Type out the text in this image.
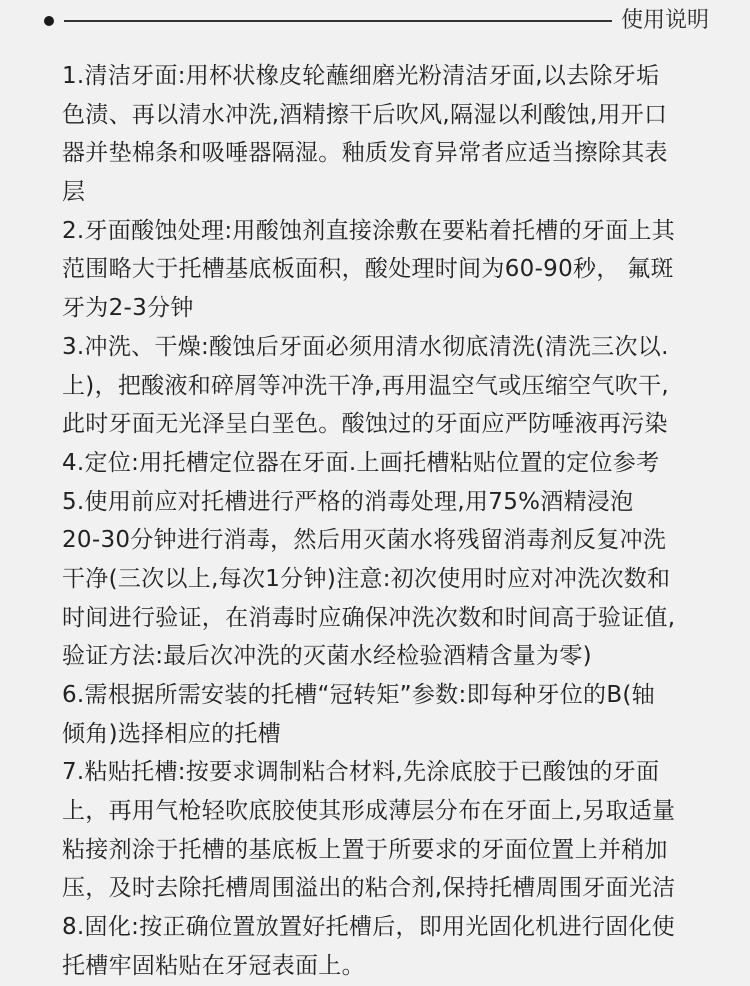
使用说明
1.清洁牙面:用杯状橡皮轮蘸细磨光粉清洁牙面,以去除牙垢
色渍、再以清水冲洗,酒精擦干后吹风,隔湿以利酸蚀,用开口
器并垫棉条和吸唾器隔湿。釉质发育异常者应适当擦除其表
层
2.牙面酸蚀处理:用酸蚀剂直接涂敷在要粘着托槽的牙面上其
范围略大于托槽基底板面积，酸处理时间为60-90秒， 氟斑
牙为2-3分钟
3.冲洗、干燥:酸蚀后牙面必须用清水彻底清洗(清洗三次以.
上)，把酸液和碎屑等冲洗干净,再用温空气或压缩空气吹干,
此时牙面无光泽呈白垩色。酸蚀过的牙面应严防唾液再污染
4.定位:用托槽定位器在牙面.上画托槽粘贴位置的定位参考
5.使用前应对托槽进行严格的消毒处理,用75%酒精浸泡
20-30分钟进行消毒，然后用灭菌水将残留消毒剂反复冲洗
干净(三次以上,每次1分钟)注意:初次使用时应对冲洗次数和
时间进行验证，在消毒时应确保冲洗次数和时间高于验证值,
验证方法:最后次冲洗的灭菌水经检验酒精含量为零)
6.需根据所需安装的托槽“冠转矩”参数:即每种牙位的B(轴
倾角)选择相应的托槽
7.粘贴托槽:按要求调制粘合材料,先涂底胶于已酸蚀的牙面
上，再用气枪轻吹底胶使其形成薄层分布在牙面上,另取适量
粘接剂涂于托槽的基底板上置于所要求的牙面位置上并稍加
压，及时去除托槽周围溢出的粘合剂,保持托槽周围牙面光洁
8.固化:按正确位置放置好托槽后，即用光固化机进行固化使
托槽牢固粘贴在牙冠表面上。
